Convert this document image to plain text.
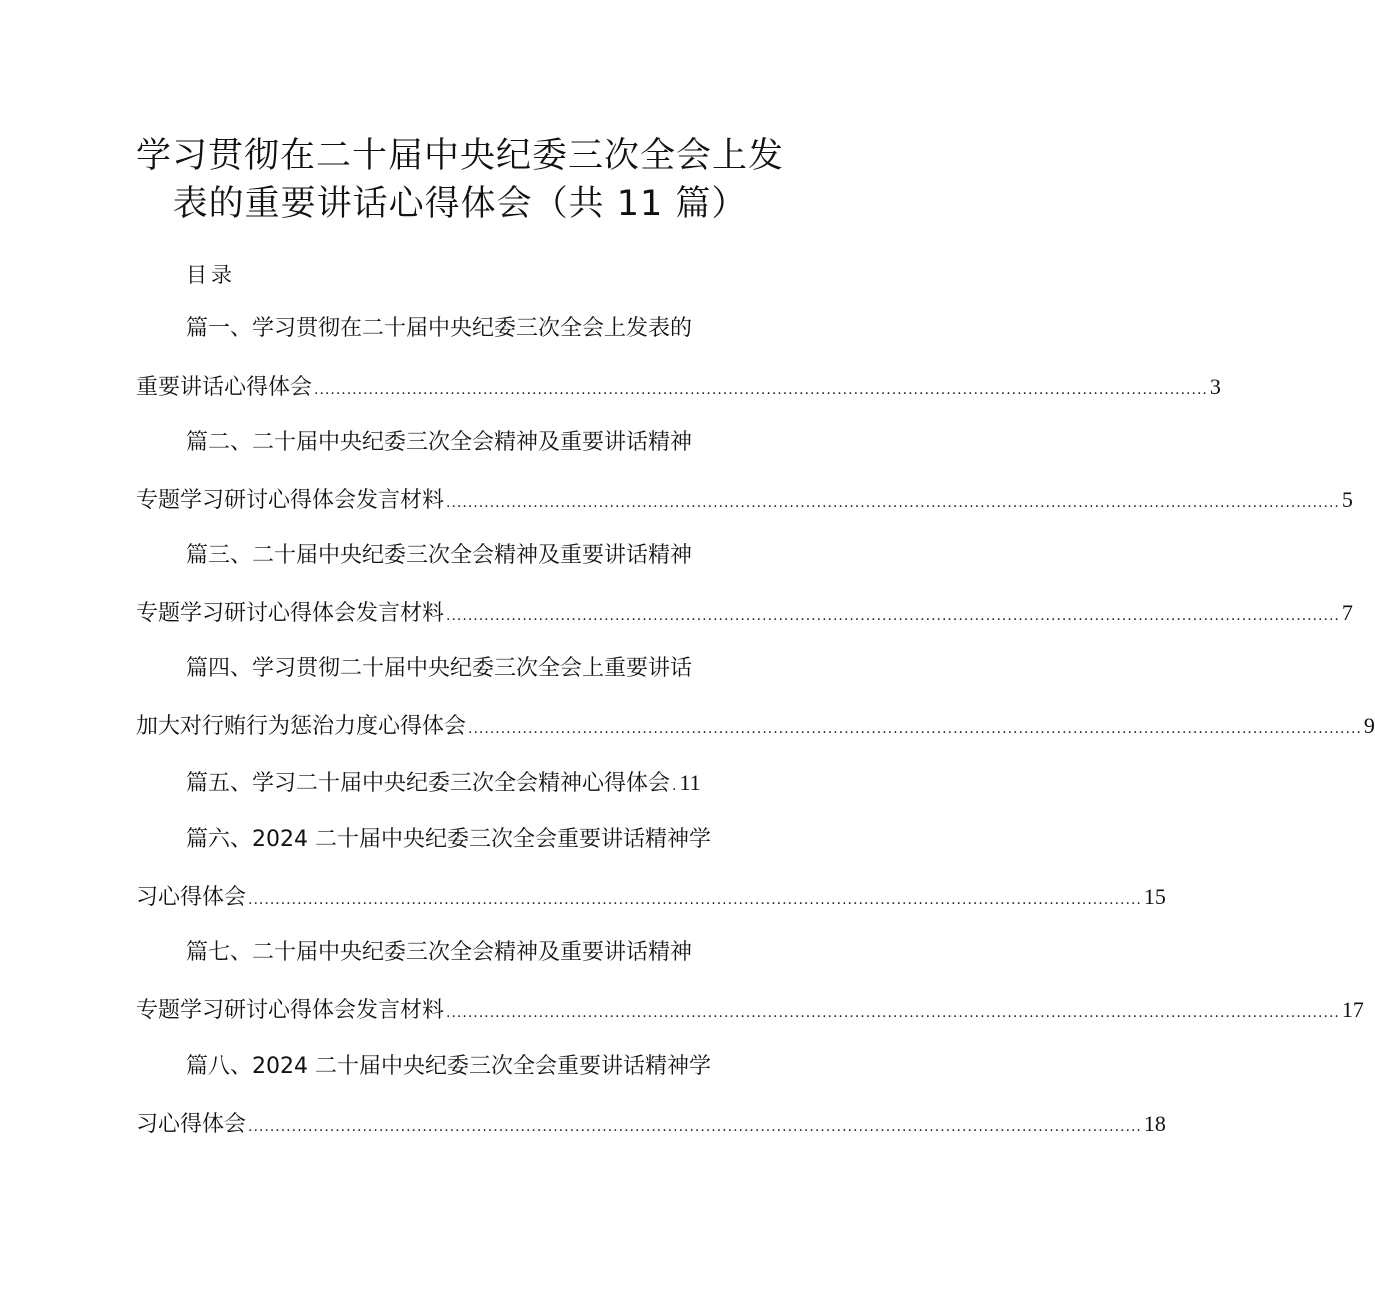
学习贯彻在二十届中央纪委三次全会上发
表的重要讲话心得体会（共 11 篇）
目录
篇一、学习贯彻在二十届中央纪委三次全会上发表的
重要讲话心得体会 .................................................................................................................................................................... 3
篇二、二十届中央纪委三次全会精神及重要讲话精神
专题学习研讨心得体会发言材料 .................................................................................................................................................................... 5
篇三、二十届中央纪委三次全会精神及重要讲话精神
专题学习研讨心得体会发言材料 .................................................................................................................................................................... 7
篇四、学习贯彻二十届中央纪委三次全会上重要讲话
加大对行贿行为惩治力度心得体会 .................................................................................................................................................................... 9
篇五、学习二十届中央纪委三次全会精神心得体会 . 11
篇六、2024 二十届中央纪委三次全会重要讲话精神学
习心得体会 .................................................................................................................................................................... 15
篇七、二十届中央纪委三次全会精神及重要讲话精神
专题学习研讨心得体会发言材料 .................................................................................................................................................................... 17
篇八、2024 二十届中央纪委三次全会重要讲话精神学
习心得体会 .................................................................................................................................................................... 18
